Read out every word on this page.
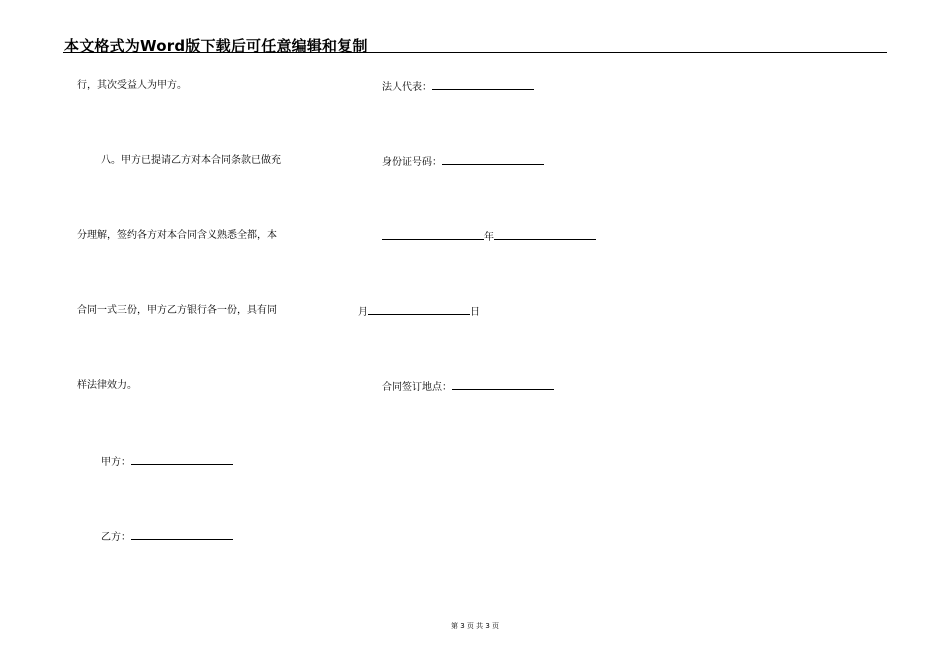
本文格式为Word版下载后可任意编辑和复制
行，其次受益人为甲方。
八。甲方已提请乙方对本合同条款已做充
分理解，签约各方对本合同含义熟悉全都，本
合同一式三份，甲方乙方银行各一份，具有同
样法律效力。
甲方：
乙方：
法人代表：
身份证号码：
年
月	日
合同签订地点：
第 3 页 共 3 页
